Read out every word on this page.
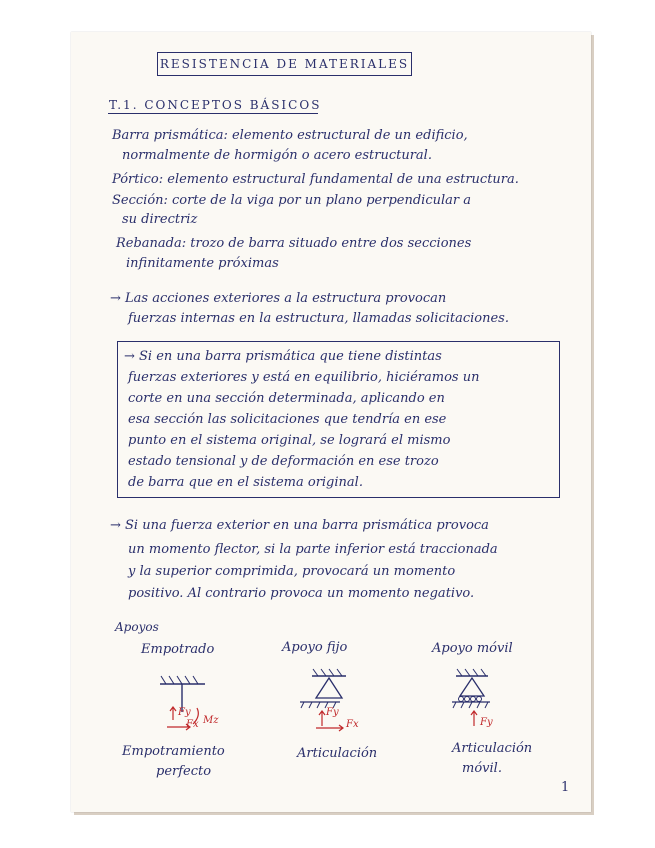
RESISTENCIA DE MATERIALES
T.1. CONCEPTOS BÁSICOS
Barra prismática: elemento estructural de un edificio,
normalmente de hormigón o acero estructural.
Pórtico: elemento estructural fundamental de una estructura.
Sección: corte de la viga por un plano perpendicular a
su directriz
Rebanada: trozo de barra situado entre dos secciones
infinitamente próximas
→ Las acciones exteriores a la estructura provocan
fuerzas internas en la estructura, llamadas solicitaciones.
→ Si en una barra prismática que tiene distintas
fuerzas exteriores y está en equilibrio, hiciéramos un
corte en una sección determinada, aplicando en
esa sección las solicitaciones que tendría en ese
punto en el sistema original, se logrará el mismo
estado tensional y de deformación en ese trozo
de barra que en el sistema original.
→ Si una fuerza exterior en una barra prismática provoca
un momento flector, si la parte inferior está traccionada
y la superior comprimida, provocará un momento
positivo. Al contrario provoca un momento negativo.
Apoyos
Empotrado	Apoyo fijo	Apoyo móvil
Fy
Fx Mz
Fy
Fx	Fy
Empotramiento
perfecto
Articulación	Articulación
móvil.
1
